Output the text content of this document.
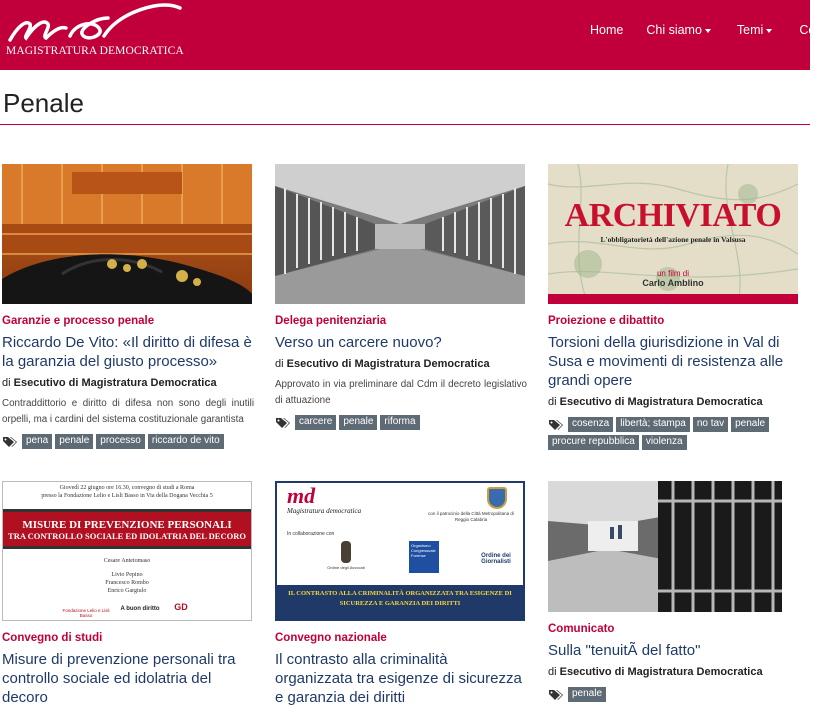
MAGISTRATURA DEMOCRATICA
Home Chi siamo	Temi	Com
Penale
Garanzie e processo penale
Riccardo De Vito: «Il diritto di difesa è la garanzia del giusto processo»
di Esecutivo di Magistratura Democratica
Contraddittorio e diritto di difesa non sono degli inutili orpelli, ma i cardini del sistema costituzionale garantista
pena	penale	processo	riccardo de vito
Delega penitenziaria
Verso un carcere nuovo?
di Esecutivo di Magistratura Democratica
Approvato in via preliminare dal Cdm il decreto legislativo di attuazione
carcere	penale	riforma
ARCHIVIATO
L'obbligatorietà dell'azione penale in Valsusa
un film di
Carlo Amblino
Proiezione e dibattito
Torsioni della giurisdizione in Val di Susa e movimenti di resistenza alle grandi opere
di Esecutivo di Magistratura Democratica
cosenza	libertà; stampa	no tav	penale
procure repubblica	violenza
Giovedì 22 giugno ore 16.30, convegno di studi a Roma
presso la Fondazione Lelio e Lisli Basso in Via della Dogana Vecchia 5
MISURE DI PREVENZIONE PERSONALI
TRA CONTROLLO SOCIALE ED IDOLATRIA DEL DECORO
Cesare Antetomaso
Livio Pepino
Francesco Rombo
Enrico Gargiulo
Fondazione Lelio e Lisli Basso
A buon diritto	GD
Convegno di studi
Misure di prevenzione personali tra controllo sociale ed idolatria del decoro
md
Magistratura democratica	con il patrocinio della Città Metropolitana di Reggio Calabria
In collaborazione con
Ordine degli Avvocati
Organismo Congressuale Forense	Ordine dei Giornalisti
IL CONTRASTO ALLA CRIMINALITÀ ORGANIZZATA TRA ESIGENZE DI SICUREZZA E GARANZIA DEI DIRITTI
Convegno nazionale
Il contrasto alla criminalità organizzata tra esigenze di sicurezza e garanzia dei diritti
Comunicato
Sulla "tenuitÃ del fatto"
di Esecutivo di Magistratura Democratica
penale
